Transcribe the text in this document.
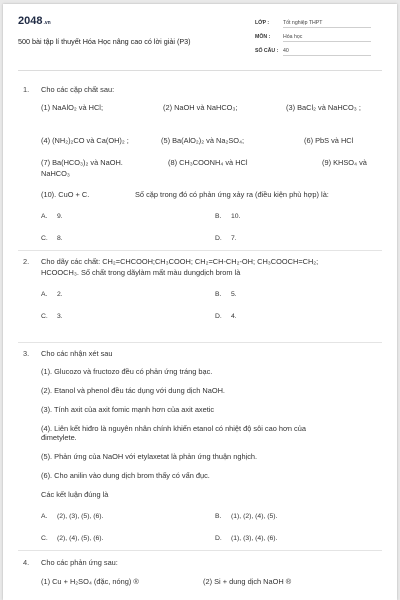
2048.vn
500 bài tập lí thuyết Hóa Học nâng cao có lời giải (P3)
LỚP :	Tốt nghiệp THPT
MÔN : Hóa học
SỐ CÂU : 40
1. Cho các cặp chất sau:
(1) NaAlO₂ và HCl;	(2) NaOH và NaHCO₃;	(3) BaCl₂ và NaHCO₃ ;
(4) (NH₂)₂CO và Ca(OH)₂ ;	(5) Ba(AlO₂)₂ và Na₂SO₄;	(6) PbS và HCl
(7) Ba(HCO₃)₂ và NaOH.	(8) CH₃COONH₄ và HCl	(9) KHSO₄ và
NaHCO₃
(10). CuO + C.	Số cặp trong đó có phản ứng xảy ra (điều kiện phù hợp) là:
A. 9.	B. 10.
C. 8.	D. 7.
2. Cho dãy các chất: CH₂=CHCOOH;CH₃COOH; CH₂=CH-CH₂-OH; CH₃COOCH=CH₂;
HCOOCH₃. Số chất trong dãylàm mất màu dungdịch brom là
A. 2.	B. 5.
C. 3.	D. 4.
3. Cho các nhận xét sau
(1). Glucozo và fructozo đều có phản ứng tráng bạc.
(2). Etanol và phenol đều tác dụng với dung dịch NaOH.
(3). Tính axit của axit fomic mạnh hơn của axit axetic
(4). Liên kết hiđro là nguyên nhân chính khiến etanol có nhiệt độ sôi cao hơn của
đimetylete.
(5). Phản ứng của NaOH với etylaxetat là phản ứng thuận nghịch.
(6). Cho anilin vào dung dịch brom thấy có vẩn đục.
Các kết luận đúng là
A. (2), (3), (5), (6).	B. (1), (2), (4), (5).
C. (2), (4), (5), (6).	D. (1), (3), (4), (6).
4. Cho các phản ứng sau:
(1) Cu + H₂SO₄ (đặc, nóng) ®	(2) Si + dung dịch NaOH ®
